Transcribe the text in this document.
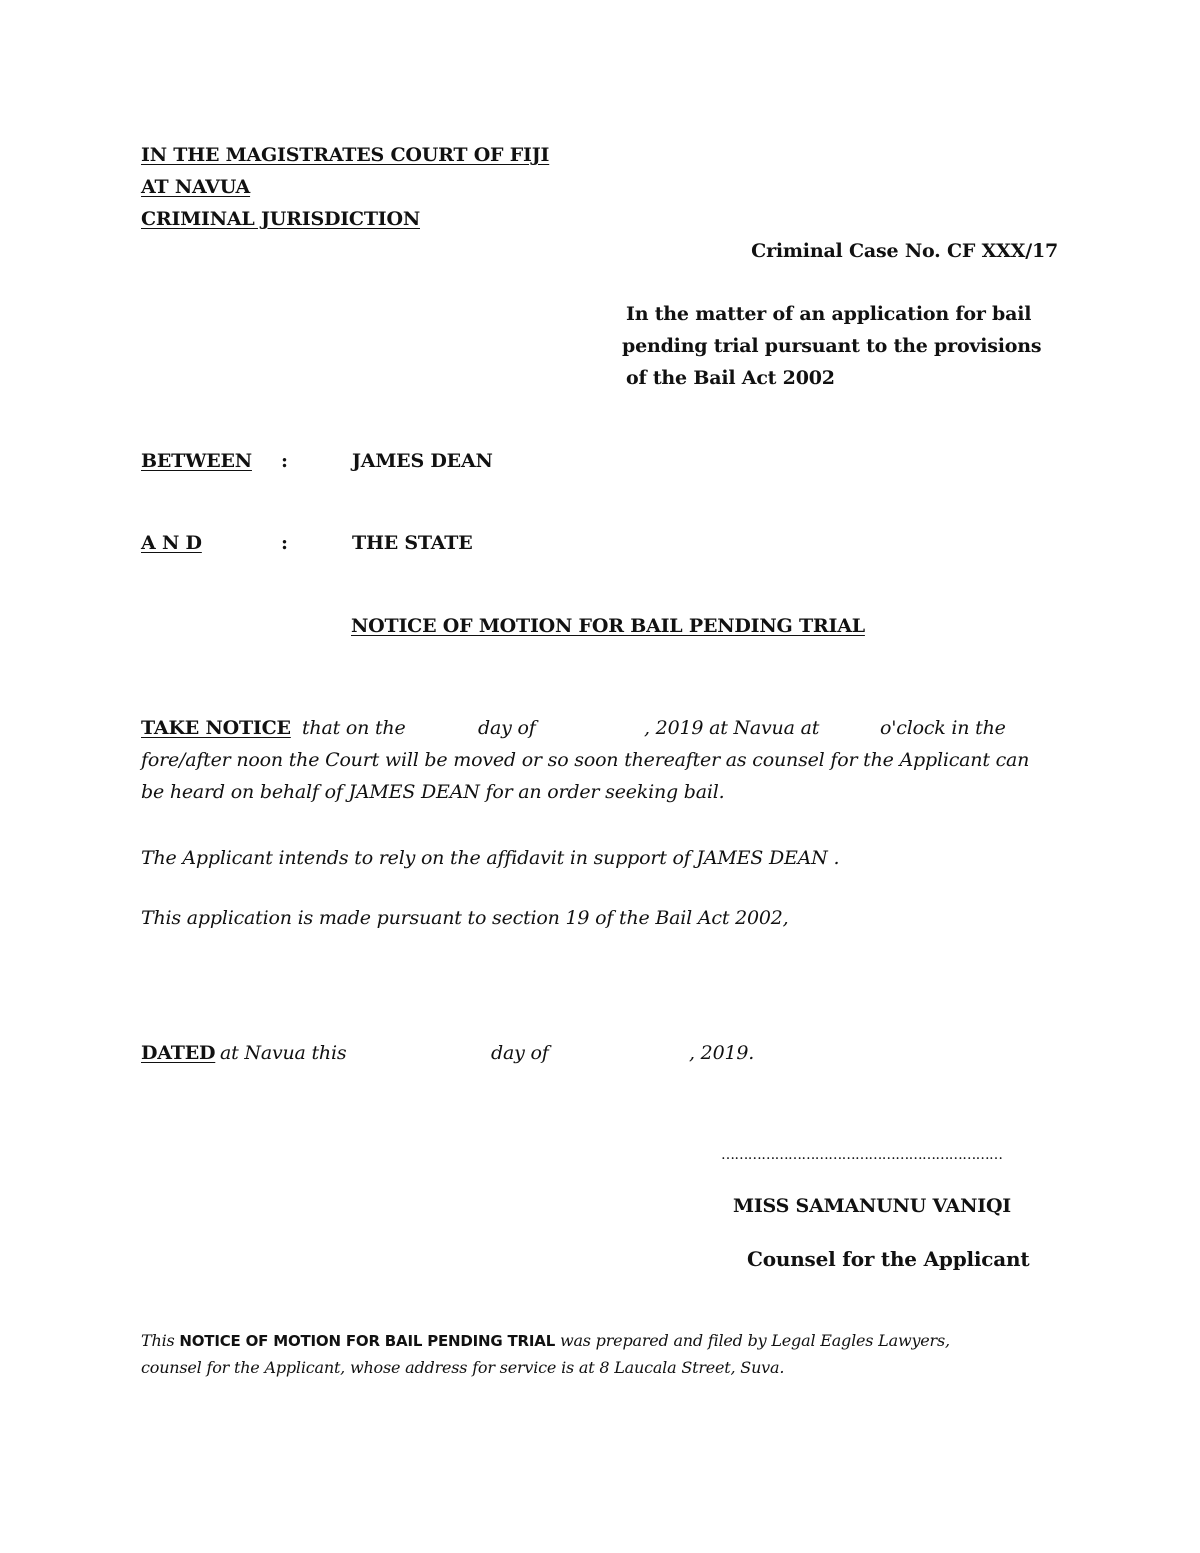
IN THE MAGISTRATES COURT OF FIJI
AT NAVUA
CRIMINAL JURISDICTION
Criminal Case No. CF XXX/17
In the matter of an application for bail
pending trial pursuant to the provisions
of the Bail Act 2002
BETWEEN :	JAMES DEAN
A N D	:	THE STATE
NOTICE OF MOTION FOR BAIL PENDING TRIAL
TAKE NOTICE that on the	day of	, 2019 at Navua at	o'clock in the
fore/after noon the Court will be moved or so soon thereafter as counsel for the Applicant can
be heard on behalf of JAMES DEAN for an order seeking bail.
The Applicant intends to rely on the affidavit in support of JAMES DEAN .
This application is made pursuant to section 19 of the Bail Act 2002,
DATED at Navua this	day of	, 2019.
………………………………………………………
MISS SAMANUNU VANIQI
Counsel for the Applicant
This NOTICE OF MOTION FOR BAIL PENDING TRIAL was prepared and filed by Legal Eagles Lawyers,
counsel for the Applicant, whose address for service is at 8 Laucala Street, Suva.
